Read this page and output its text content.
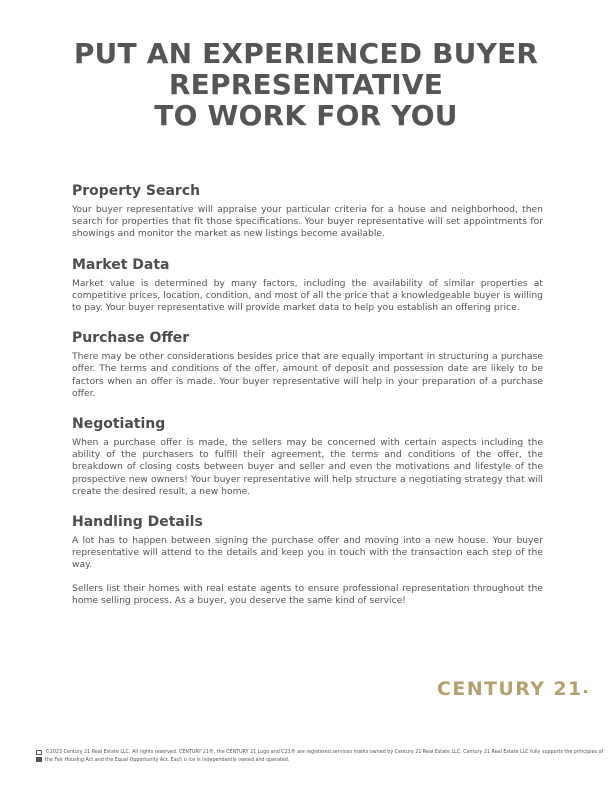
PUT AN EXPERIENCED BUYER
REPRESENTATIVE
TO WORK FOR YOU
Property Search

Your buyer representative will appraise your particular criteria for a house and neighborhood, then search for properties that fit those specifications. Your buyer representative will set appointments for showings and monitor the market as new listings become available.

Market Data

Market value is determined by many factors, including the availability of similar properties at competitive prices, location, condition, and most of all the price that a knowledgeable buyer is willing to pay. Your buyer representative will provide market data to help you establish an offering price.

Purchase Offer

There may be other considerations besides price that are equally important in structuring a purchase offer. The terms and conditions of the offer, amount of deposit and possession date are likely to be factors when an offer is made. Your buyer representative will help in your preparation of a purchase offer.

Negotiating

When a purchase offer is made, the sellers may be concerned with certain aspects including the ability of the purchasers to fulfill their agreement, the terms and conditions of the offer, the breakdown of closing costs between buyer and seller and even the motivations and lifestyle of the prospective new owners! Your buyer representative will help structure a negotiating strategy that will create the desired result, a new home.

Handling Details

A lot has to happen between signing the purchase offer and moving into a new house. Your buyer representative will attend to the details and keep you in touch with the transaction each step of the way.

Sellers list their homes with real estate agents to ensure professional representation throughout the home selling process. As a buyer, you deserve the same kind of service!

CENTURY 21
©2023 Century 21 Real Estate LLC. All rights reserved. CENTURY 21®, the CENTURY 21 Logo and C21® are registered services marks owned by Century 21 Real Estate LLC. Century 21 Real Estate LLC fully supports the principles of
the Fair Housing Act and the Equal Opportunity Act. Each o ice is independently owned and operated.
